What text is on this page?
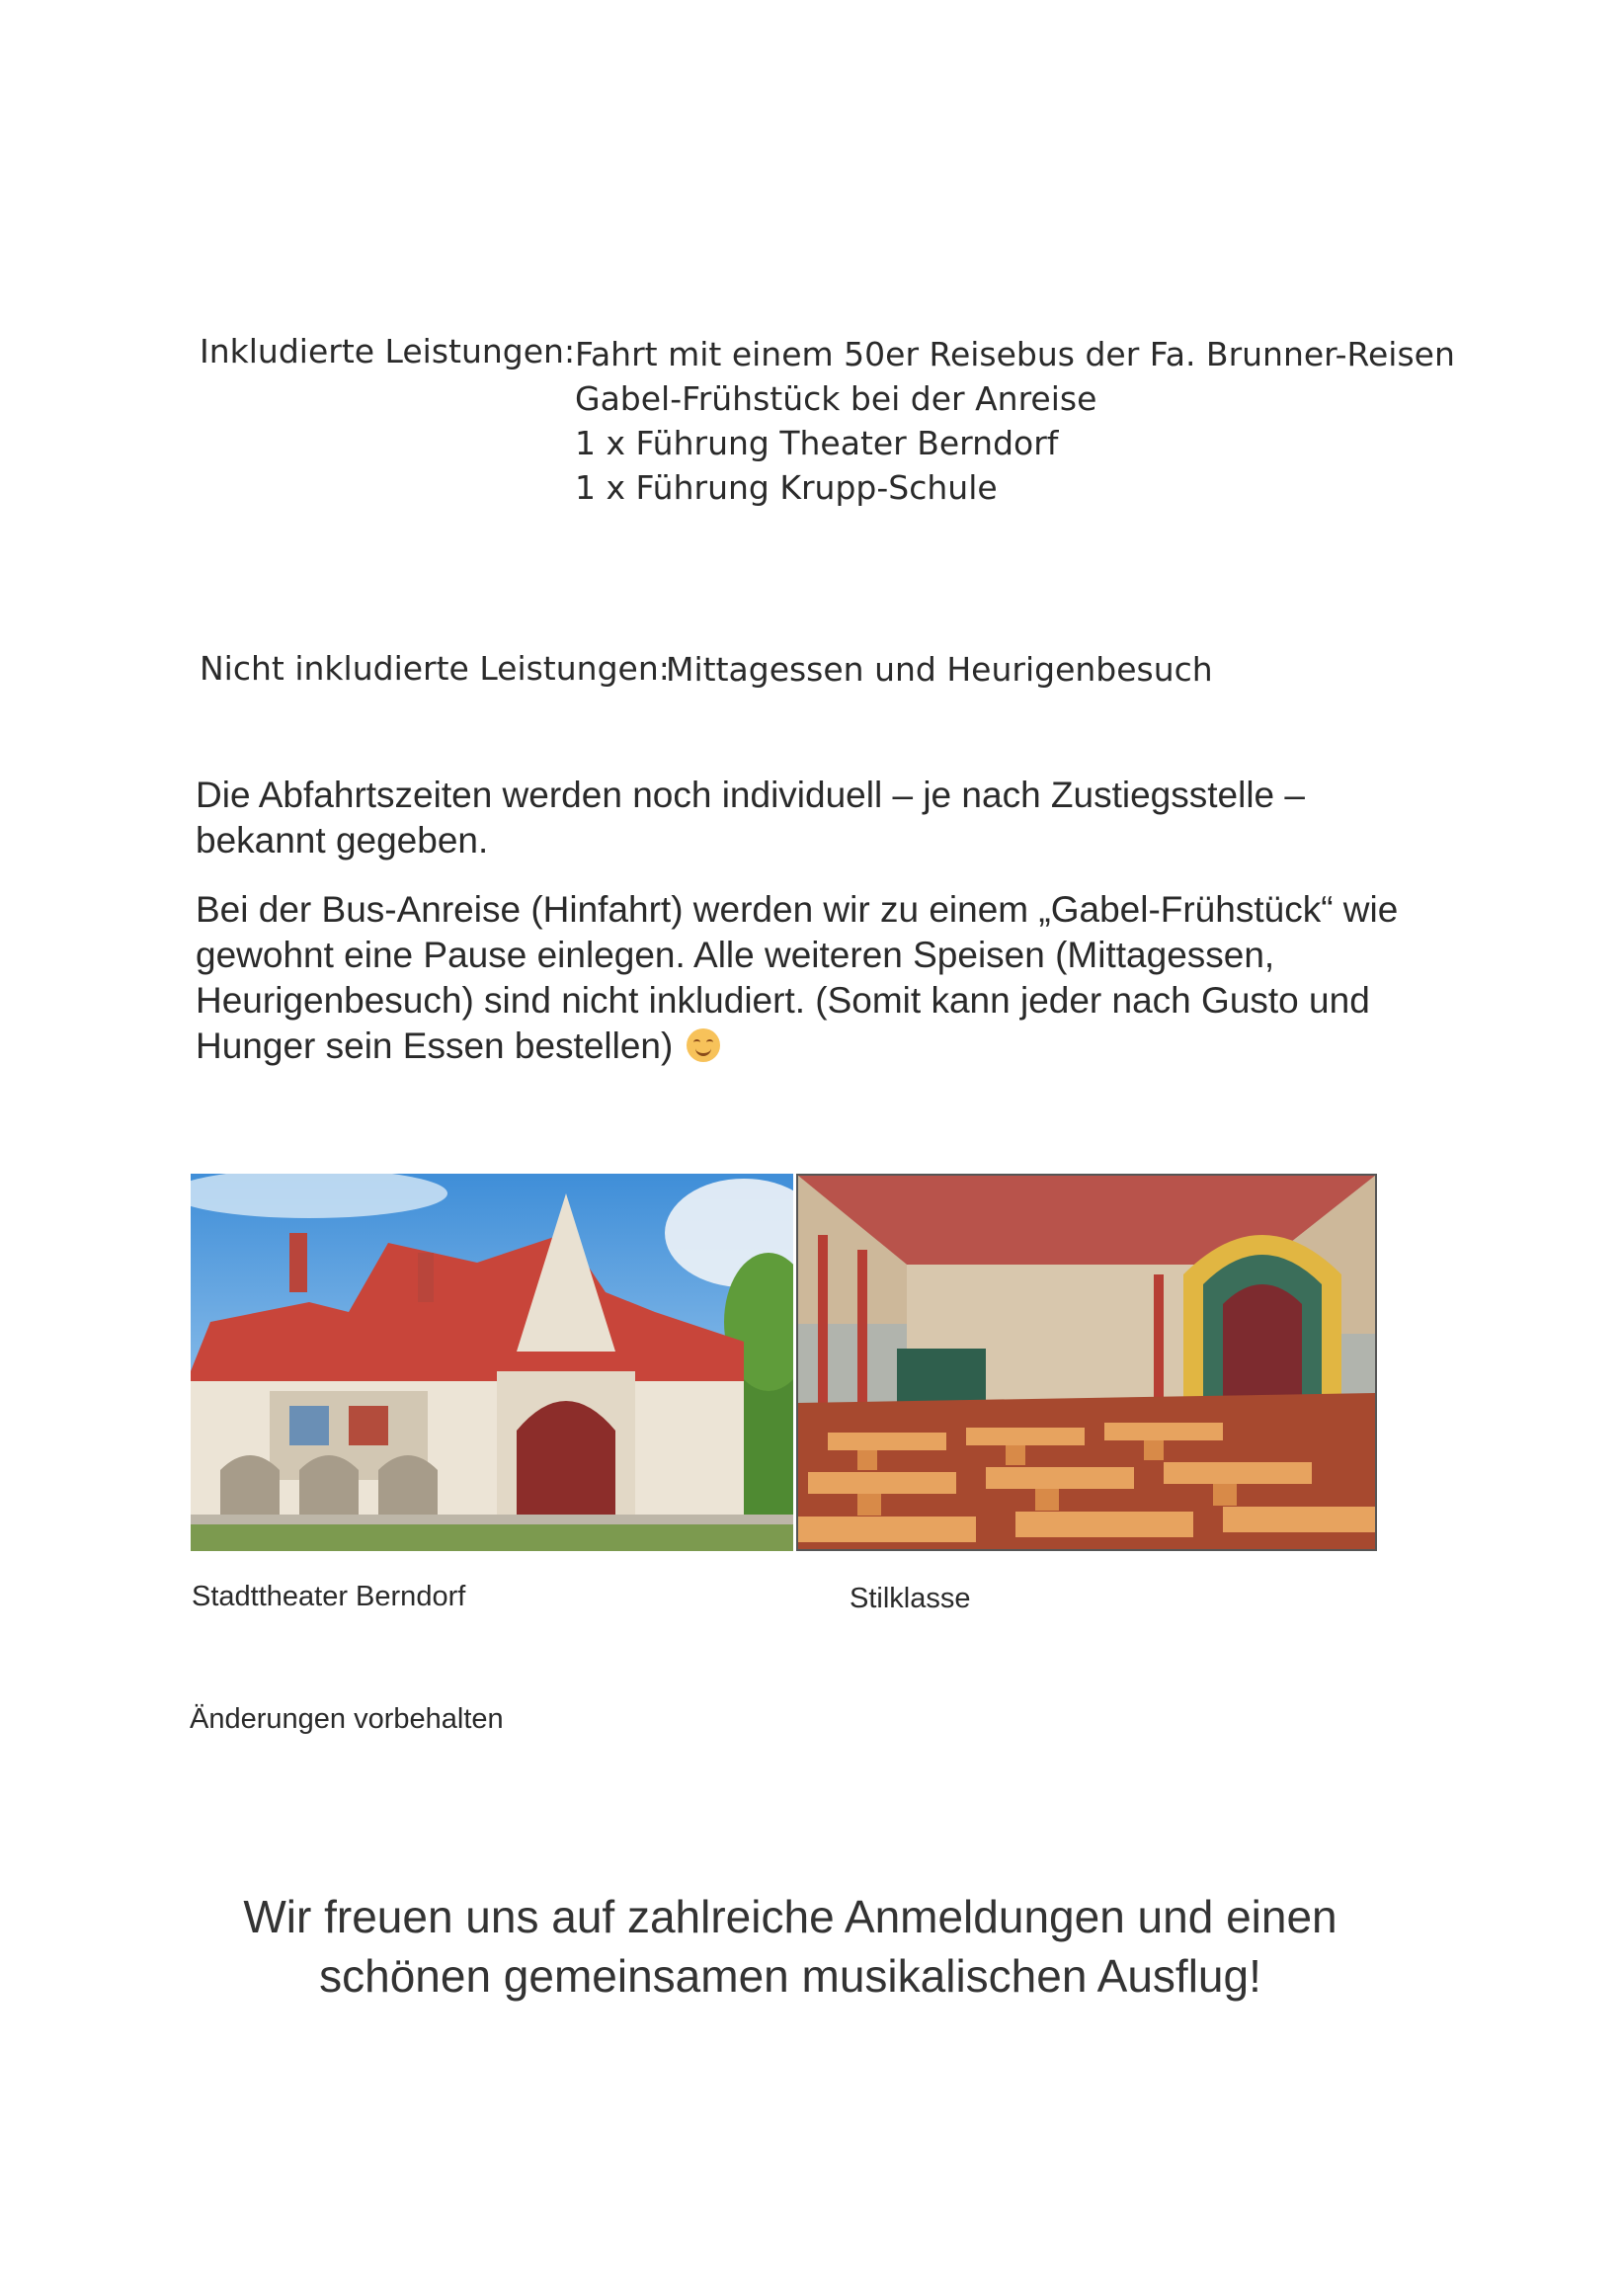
Inkludierte Leistungen: Fahrt mit einem 50er Reisebus der Fa. Brunner-Reisen
Gabel-Frühstück bei der Anreise
1 x Führung Theater Berndorf
1 x Führung Krupp-Schule
Nicht inkludierte Leistungen:
Mittagessen und Heurigenbesuch
Die Abfahrtszeiten werden noch individuell – je nach Zustiegsstelle – bekannt gegeben.
Bei der Bus-Anreise (Hinfahrt) werden wir zu einem „Gabel-Frühstück“ wie gewohnt eine Pause einlegen. Alle weiteren Speisen (Mittagessen, Heurigenbesuch) sind nicht inkludiert. (Somit kann jeder nach Gusto und Hunger sein Essen bestellen)
Stadttheater Berndorf	Stilklasse
Änderungen vorbehalten
Wir freuen uns auf zahlreiche Anmeldungen und einen
schönen gemeinsamen musikalischen Ausflug!
